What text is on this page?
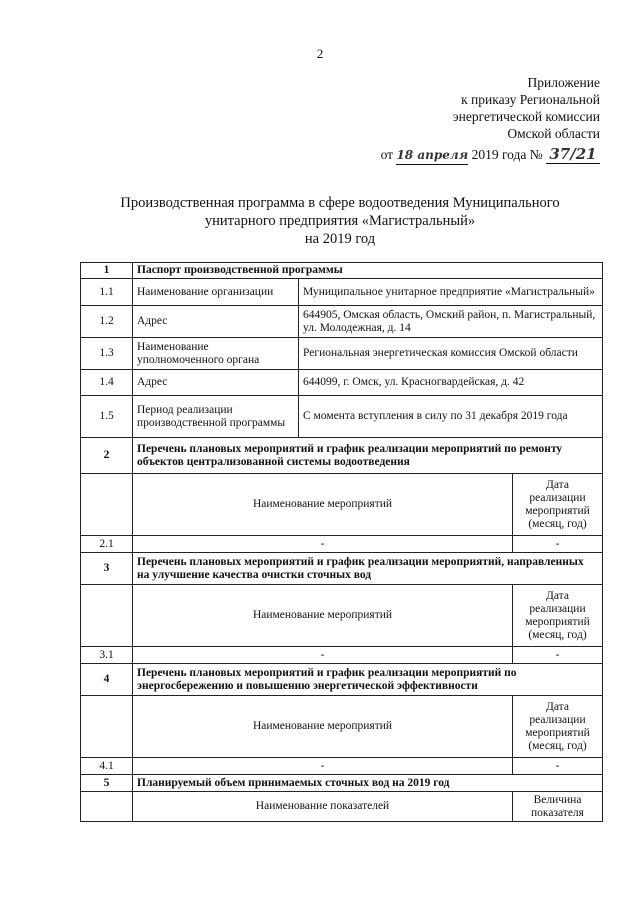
2
Приложение
к приказу Региональной
энергетической комиссии
Омской области
от 18 апреля 2019 года № 37/21
Производственная программа в сфере водоотведения Муниципального
унитарного предприятия «Магистральный»
на 2019 год
1	Паспорт производственной программы		
1.1	Наименование организации	Муниципальное унитарное предприятие «Магистральный»	
1.2	Адрес	644905, Омская область, Омский район, п. Магистральный, ул. Молодежная, д. 14	
1.3	Наименование уполномоченного органа	Региональная энергетическая комиссия Омской области	
1.4	Адрес	644099, г. Омск, ул. Красногвардейская, д. 42	
1.5	Период реализации производственной программы	С момента вступления в силу по 31 декабря 2019 года	
2	Перечень плановых мероприятий и график реализации мероприятий по ремонту объектов централизованной системы водоотведения		
	Наименование мероприятий		Дата реализации мероприятий (месяц, год)
2.1	-		-
3	Перечень плановых мероприятий и график реализации мероприятий, направленных на улучшение качества очистки сточных вод		
	Наименование мероприятий		Дата реализации мероприятий (месяц, год)
3.1	-		-
4	Перечень плановых мероприятий и график реализации мероприятий по энергосбережению и повышению энергетической эффективности		
	Наименование мероприятий		Дата реализации мероприятий (месяц, год)
4.1	-		-
5	Планируемый объем принимаемых сточных вод на 2019 год		
	Наименование показателей		Величина показателя
